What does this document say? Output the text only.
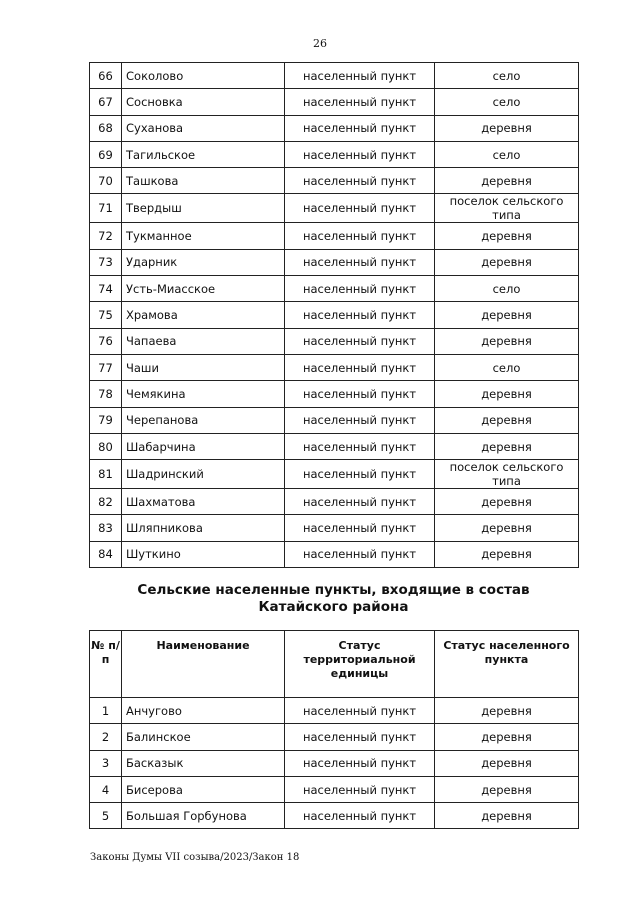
26
66	Соколово	населенный пункт	село
67	Сосновка	населенный пункт	село
68	Суханова	населенный пункт	деревня
69	Тагильское	населенный пункт	село
70	Ташкова	населенный пункт	деревня
71	Твердыш	населенный пункт	поселок сельского типа
72	Тукманное	населенный пункт	деревня
73	Ударник	населенный пункт	деревня
74	Усть-Миасское	населенный пункт	село
75	Храмова	населенный пункт	деревня
76	Чапаева	населенный пункт	деревня
77	Чаши	населенный пункт	село
78	Чемякина	населенный пункт	деревня
79	Черепанова	населенный пункт	деревня
80	Шабарчина	населенный пункт	деревня
81	Шадринский	населенный пункт	поселок сельского типа
82	Шахматова	населенный пункт	деревня
83	Шляпникова	населенный пункт	деревня
84	Шуткино	населенный пункт	деревня
Сельские населенные пункты, входящие в состав
Катайского района
№ п/п	Наименование	Статус территориальной единицы	Статус населенного пункта
1	Анчугово	населенный пункт	деревня
2	Балинское	населенный пункт	деревня
3	Басказык	населенный пункт	деревня
4	Бисерова	населенный пункт	деревня
5	Большая Горбунова	населенный пункт	деревня
Законы Думы VII созыва/2023/Закон 18
